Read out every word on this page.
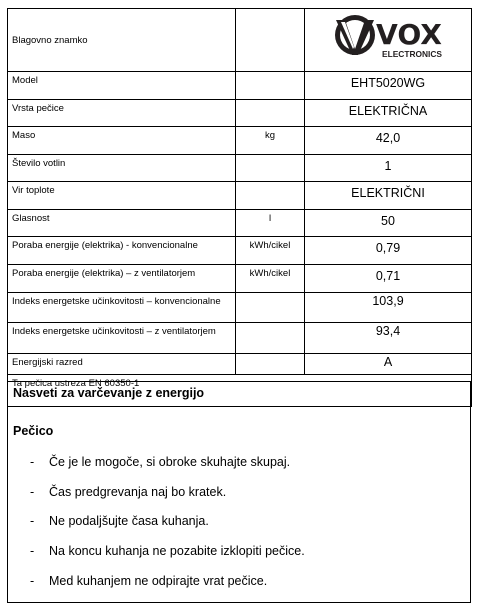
Blagovno znamko		VOX
ELECTRONICS

Model		EHT5020WG
Vrsta pečice		ELEKTRIČNA
Maso	kg	42,0
Število votlin		1
Vir toplote		ELEKTRIČNI
Glasnost	l	50
Poraba energije (elektrika) - konvencionalne	kWh/cikel	0,79
Poraba energije (elektrika) – z ventilatorjem	kWh/cikel	0,71
Indeks energetske učinkovitosti – konvencionalne		103,9
Indeks energetske učinkovitosti – z ventilatorjem		93,4
Energijski razred		A
Ta pečica ustreza EN 60350-1		
Nasveti za varčevanje z energijo
Pečico
-	Če je le mogoče, si obroke skuhajte skupaj.
-	Čas predgrevanja naj bo kratek.
-	Ne podaljšujte časa kuhanja.
-	Na koncu kuhanja ne pozabite izklopiti pečice.
-	Med kuhanjem ne odpirajte vrat pečice.
